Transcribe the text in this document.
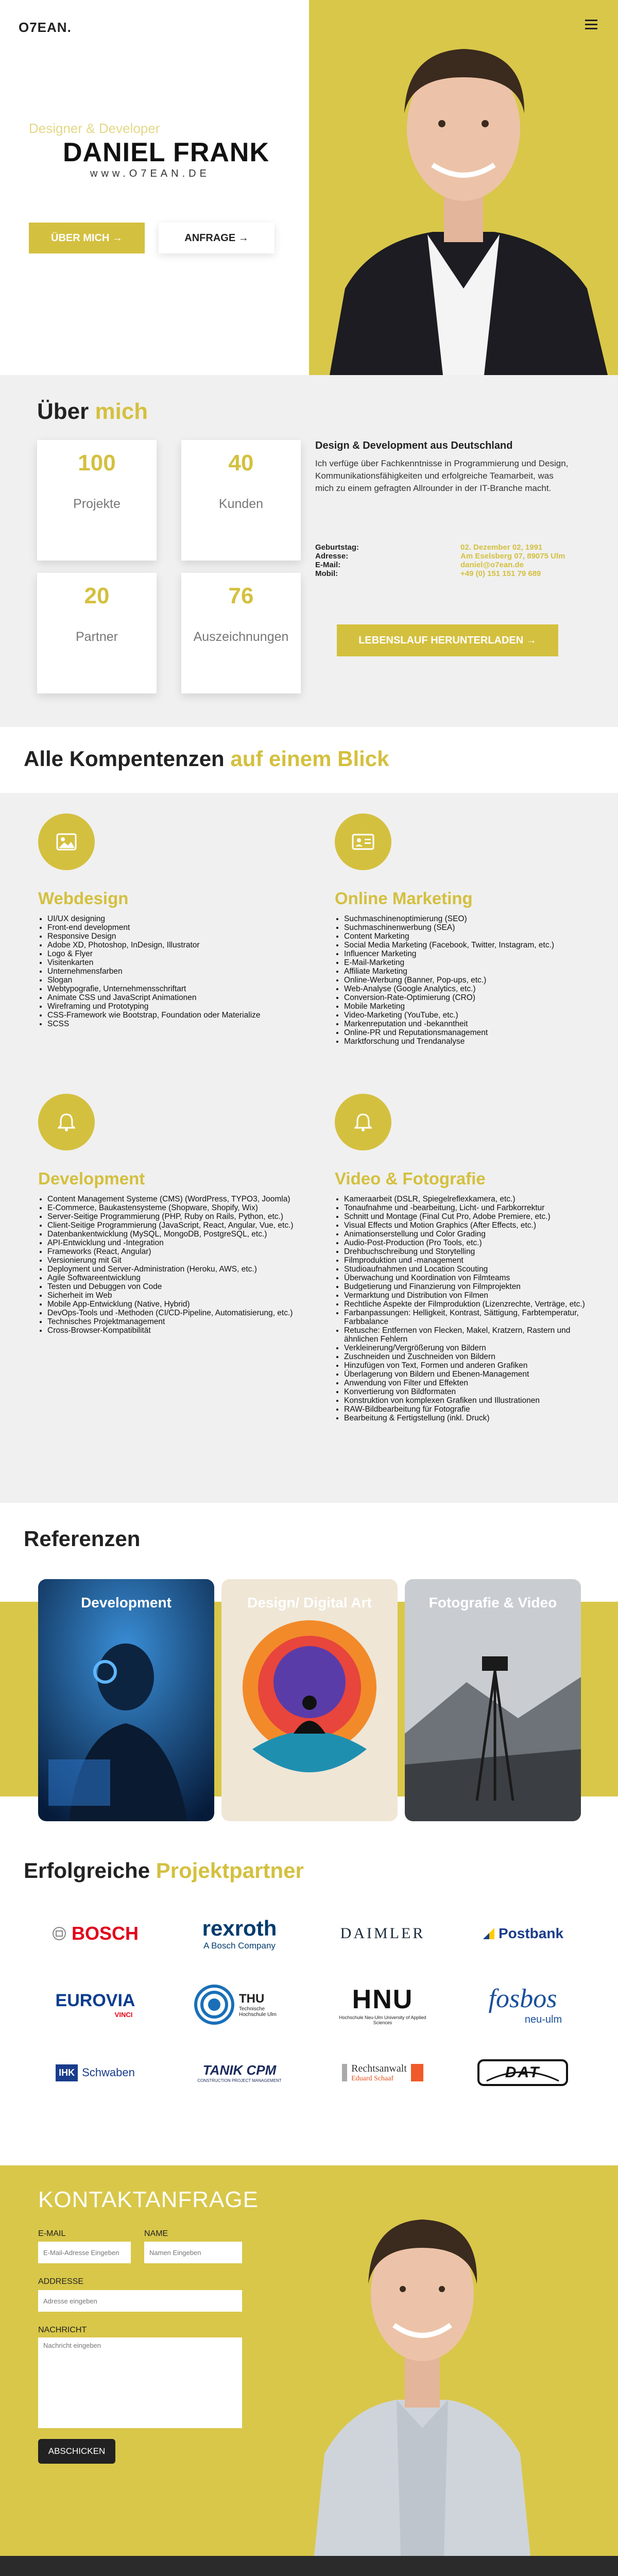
O7EAN.
Designer & Developer
DANIEL FRANK
www.O7EAN.DE
ÜBER MICH →	ANFRAGE →
Über mich
100
Projekte
40
Kunden
20
Partner
76
Auszeichnungen
Design & Development aus Deutschland
Ich verfüge über Fachkenntnisse in Programmierung und Design, Kommunikationsfähigkeiten und erfolgreiche Teamarbeit, was mich zu einem gefragten Allrounder in der IT-Branche macht.
Geburtstag:	02. Dezember 02, 1991
Adresse:	Am Eselsberg 07, 89075 Ulm
E-Mail:	daniel@o7ean.de
Mobil:	+49 (0) 151 151 79 689
LEBENSLAUF HERUNTERLADEN →
Alle Kompentenzen auf einem Blick
Webdesign
• UI/UX designing
• Front-end development
• Responsive Design
• Adobe XD, Photoshop, InDesign, Illustrator
• Logo & Flyer
• Visitenkarten
• Unternehmensfarben
• Slogan
• Webtypografie, Unternehmensschriftart
• Animate CSS und JavaScript Animationen
• Wireframing und Prototyping
• CSS-Framework wie Bootstrap, Foundation oder Materialize
• SCSS
Online Marketing
• Suchmaschinenoptimierung (SEO)
• Suchmaschinenwerbung (SEA)
• Content Marketing
• Social Media Marketing (Facebook, Twitter, Instagram, etc.)
• Influencer Marketing
• E-Mail-Marketing
• Affiliate Marketing
• Online-Werbung (Banner, Pop-ups, etc.)
• Web-Analyse (Google Analytics, etc.)
• Conversion-Rate-Optimierung (CRO)
• Mobile Marketing
• Video-Marketing (YouTube, etc.)
• Markenreputation und -bekanntheit
• Online-PR und Reputationsmanagement
• Marktforschung und Trendanalyse
Development
• Content Management Systeme (CMS) (WordPress, TYPO3, Joomla)
• E-Commerce, Baukastensysteme (Shopware, Shopify, Wix)
• Server-Seitige Programmierung (PHP, Ruby on Rails, Python, etc.)
• Client-Seitige Programmierung (JavaScript, React, Angular, Vue, etc.)
• Datenbankentwicklung (MySQL, MongoDB, PostgreSQL, etc.)
• API-Entwicklung und -Integration
• Frameworks (React, Angular)
• Versionierung mit Git
• Deployment und Server-Administration (Heroku, AWS, etc.)
• Agile Softwareentwicklung
• Testen und Debuggen von Code
• Sicherheit im Web
• Mobile App-Entwicklung (Native, Hybrid)
• DevOps-Tools und -Methoden (CI/CD-Pipeline, Automatisierung, etc.)
• Technisches Projektmanagement
• Cross-Browser-Kompatibilität
Video & Fotografie
• Kameraarbeit (DSLR, Spiegelreflexkamera, etc.)
• Tonaufnahme und -bearbeitung, Licht- und Farbkorrektur
• Schnitt und Montage (Final Cut Pro, Adobe Premiere, etc.)
• Visual Effects und Motion Graphics (After Effects, etc.)
• Animationserstellung und Color Grading
• Audio-Post-Production (Pro Tools, etc.)
• Drehbuchschreibung und Storytelling
• Filmproduktion und -management
• Studioaufnahmen und Location Scouting
• Überwachung und Koordination von Filmteams
• Budgetierung und Finanzierung von Filmprojekten
• Vermarktung und Distribution von Filmen
• Rechtliche Aspekte der Filmproduktion (Lizenzrechte, Verträge, etc.)
• Farbanpassungen: Helligkeit, Kontrast, Sättigung, Farbtemperatur, Farbbalance
• Retusche: Entfernen von Flecken, Makel, Kratzern, Rastern und ähnlichen Fehlern
• Verkleinerung/Vergrößerung von Bildern
• Zuschneiden und Zuschneiden von Bildern
• Hinzufügen von Text, Formen und anderen Grafiken
• Überlagerung von Bildern und Ebenen-Management
• Anwendung von Filter und Effekten
• Konvertierung von Bildformaten
• Konstruktion von komplexen Grafiken und Illustrationen
• RAW-Bildbearbeitung für Fotografie
• Bearbeitung & Fertigstellung (inkl. Druck)
Referenzen
Development	Design/ Digital Art	Fotografie & Video
Erfolgreiche Projektpartner
BOSCH	rexroth
A Bosch Company
DAIMLER	Postbank
EUROVIA
VINCI
THU
Technische Hochschule Ulm
HNU
Hochschule Neu-Ulm University of Applied Sciences
fosbos
neu-ulm
IHK Schwaben	TANIK CPM
CONSTRUCTION PROJECT MANAGEMENT
Rechtsanwalt
Eduard Schaaf	DAT
KONTAKTANFRAGE
E-MAIL
E-Mail-Adresse Eingeben	NAME
Namen Eingeben
ADDRESSE
Adresse eingeben
NACHRICHT
Nachricht eingeben
ABSCHICKEN
